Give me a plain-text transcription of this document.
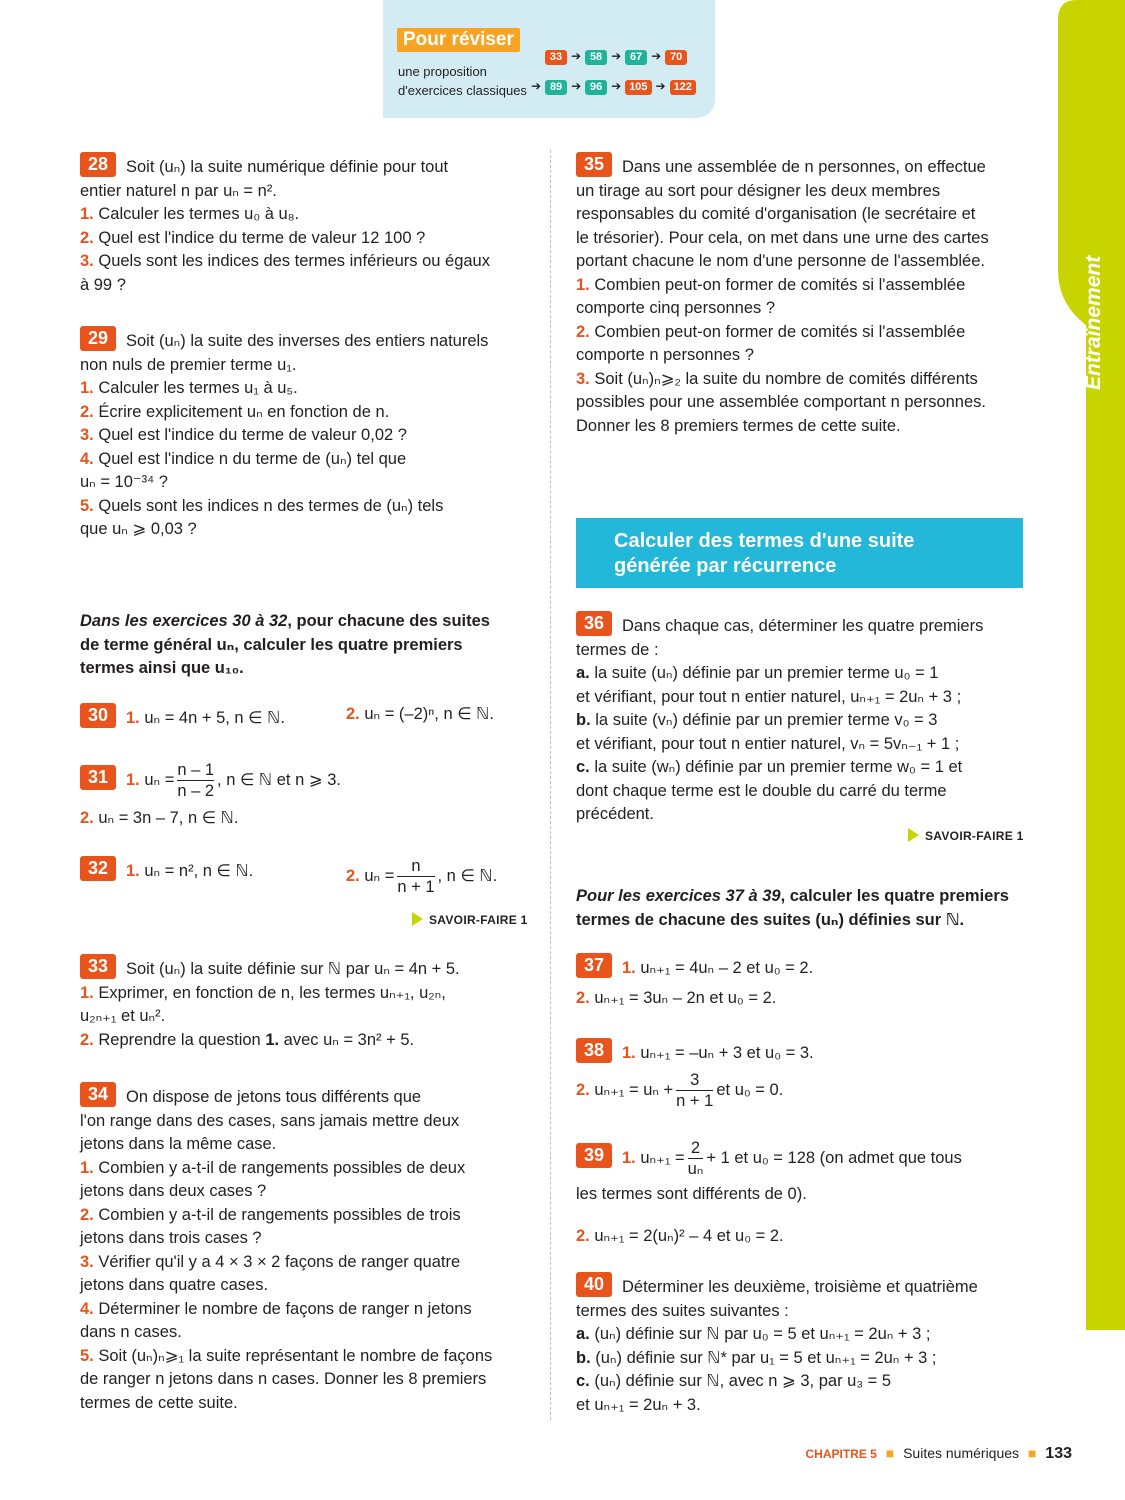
Pour réviser
une proposition
d'exercices classiques
33 ➔ 58 ➔ 67 ➔ 70
➔ 89 ➔ 96 ➔ 105 ➔ 122
Entraînement
28 Soit (uₙ) la suite numérique définie pour tout
entier naturel n par uₙ = n².
1. Calculer les termes u₀ à u₈.
2. Quel est l'indice du terme de valeur 12 100 ?
3. Quels sont les indices des termes inférieurs ou égaux
à 99 ?
29 Soit (uₙ) la suite des inverses des entiers naturels
non nuls de premier terme u₁.
1. Calculer les termes u₁ à u₅.
2. Écrire explicitement uₙ en fonction de n.
3. Quel est l'indice du terme de valeur 0,02 ?
4. Quel est l'indice n du terme de (uₙ) tel que
uₙ = 10⁻³⁴ ?
5. Quels sont les indices n des termes de (uₙ) tels
que uₙ ⩾ 0,03 ?
Dans les exercices 30 à 32, pour chacune des suites
de terme général uₙ, calculer les quatre premiers
termes ainsi que u₁₀.
30 1. uₙ = 4n + 5, n ∈ ℕ.	2. uₙ = (–2)ⁿ, n ∈ ℕ.
31 1. $u_n = \frac{n - 1}{n - 2}$ , n ∈ ℕ et n ⩾ 3.
2. uₙ = 3n – 7, n ∈ ℕ.
32 1. uₙ = n², n ∈ ℕ.	2. $u_n = \frac{n}{n + 1}$ , n ∈ ℕ.
SAVOIR-FAIRE 1
33 Soit (uₙ) la suite définie sur ℕ par uₙ = 4n + 5.
1. Exprimer, en fonction de n, les termes uₙ₊₁, u₂ₙ,
u₂ₙ₊₁ et uₙ².
2. Reprendre la question 1. avec uₙ = 3n² + 5.
34 On dispose de jetons tous différents que
l'on range dans des cases, sans jamais mettre deux
jetons dans la même case.
1. Combien y a-t-il de rangements possibles de deux
jetons dans deux cases ?
2. Combien y a-t-il de rangements possibles de trois
jetons dans trois cases ?
3. Vérifier qu'il y a 4 × 3 × 2 façons de ranger quatre
jetons dans quatre cases.
4. Déterminer le nombre de façons de ranger n jetons
dans n cases.
5. Soit (uₙ)ₙ⩾₁ la suite représentant le nombre de façons
de ranger n jetons dans n cases. Donner les 8 premiers
termes de cette suite.
35 Dans une assemblée de n personnes, on effectue
un tirage au sort pour désigner les deux membres
responsables du comité d'organisation (le secrétaire et
le trésorier). Pour cela, on met dans une urne des cartes
portant chacune le nom d'une personne de l'assemblée.
1. Combien peut-on former de comités si l'assemblée
comporte cinq personnes ?
2. Combien peut-on former de comités si l'assemblée
comporte n personnes ?
3. Soit (uₙ)ₙ⩾₂ la suite du nombre de comités différents
possibles pour une assemblée comportant n personnes.
Donner les 8 premiers termes de cette suite.
Calculer des termes d'une suite
générée par récurrence
36 Dans chaque cas, déterminer les quatre premiers
termes de :
a. la suite (uₙ) définie par un premier terme u₀ = 1
et vérifiant, pour tout n entier naturel, uₙ₊₁ = 2uₙ + 3 ;
b. la suite (vₙ) définie par un premier terme v₀ = 3
et vérifiant, pour tout n entier naturel, vₙ = 5vₙ₋₁ + 1 ;
c. la suite (wₙ) définie par un premier terme w₀ = 1 et
dont chaque terme est le double du carré du terme
précédent.
SAVOIR-FAIRE 1
Pour les exercices 37 à 39, calculer les quatre premiers
termes de chacune des suites (uₙ) définies sur ℕ.
37 1. uₙ₊₁ = 4uₙ – 2 et u₀ = 2.
2. uₙ₊₁ = 3uₙ – 2n et u₀ = 2.
38 1. uₙ₊₁ = –uₙ + 3 et u₀ = 3.
2. $u_{n+1} = u_n + \frac{3}{n + 1}$ et u₀ = 0.
39 1. $u_{n+1} = \frac{2}{\text{uₙ}} + 1$ et u₀ = 128 (on admet que tous
les termes sont différents de 0).
2. uₙ₊₁ = 2(uₙ)² – 4 et u₀ = 2.
40 Déterminer les deuxième, troisième et quatrième
termes des suites suivantes :
a. (uₙ) définie sur ℕ par u₀ = 5 et uₙ₊₁ = 2uₙ + 3 ;
b. (uₙ) définie sur ℕ* par u₁ = 5 et uₙ₊₁ = 2uₙ + 3 ;
c. (uₙ) définie sur ℕ, avec n ⩾ 3, par u₃ = 5
et uₙ₊₁ = 2uₙ + 3.
CHAPITRE 5 ■ Suites numériques ■ 133
